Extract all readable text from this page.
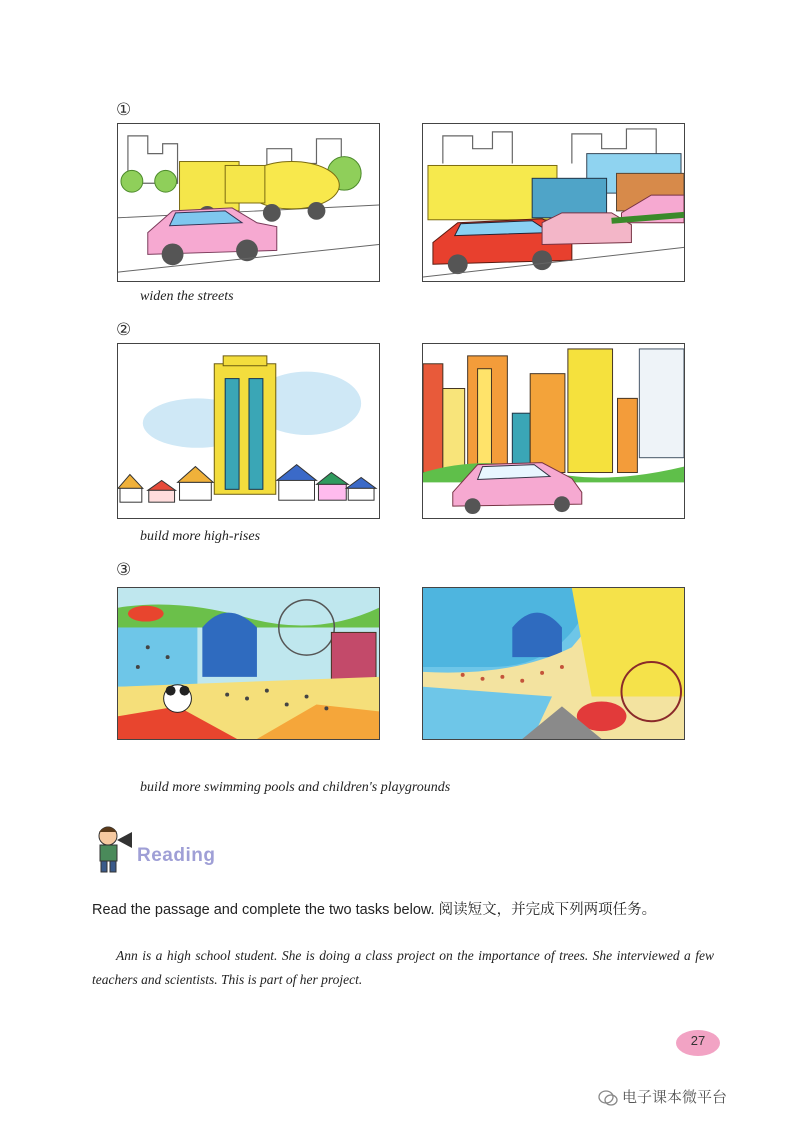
①
widen the streets
②
build more high-rises
③
build more swimming pools and children's playgrounds
Reading
Read the passage and complete the two tasks below. 阅读短文，并完成下列两项任务。

Ann is a high school student. She is doing a class project on the importance of trees. She interviewed a few teachers and scientists. This is part of her project.

27
电子课本微平台
